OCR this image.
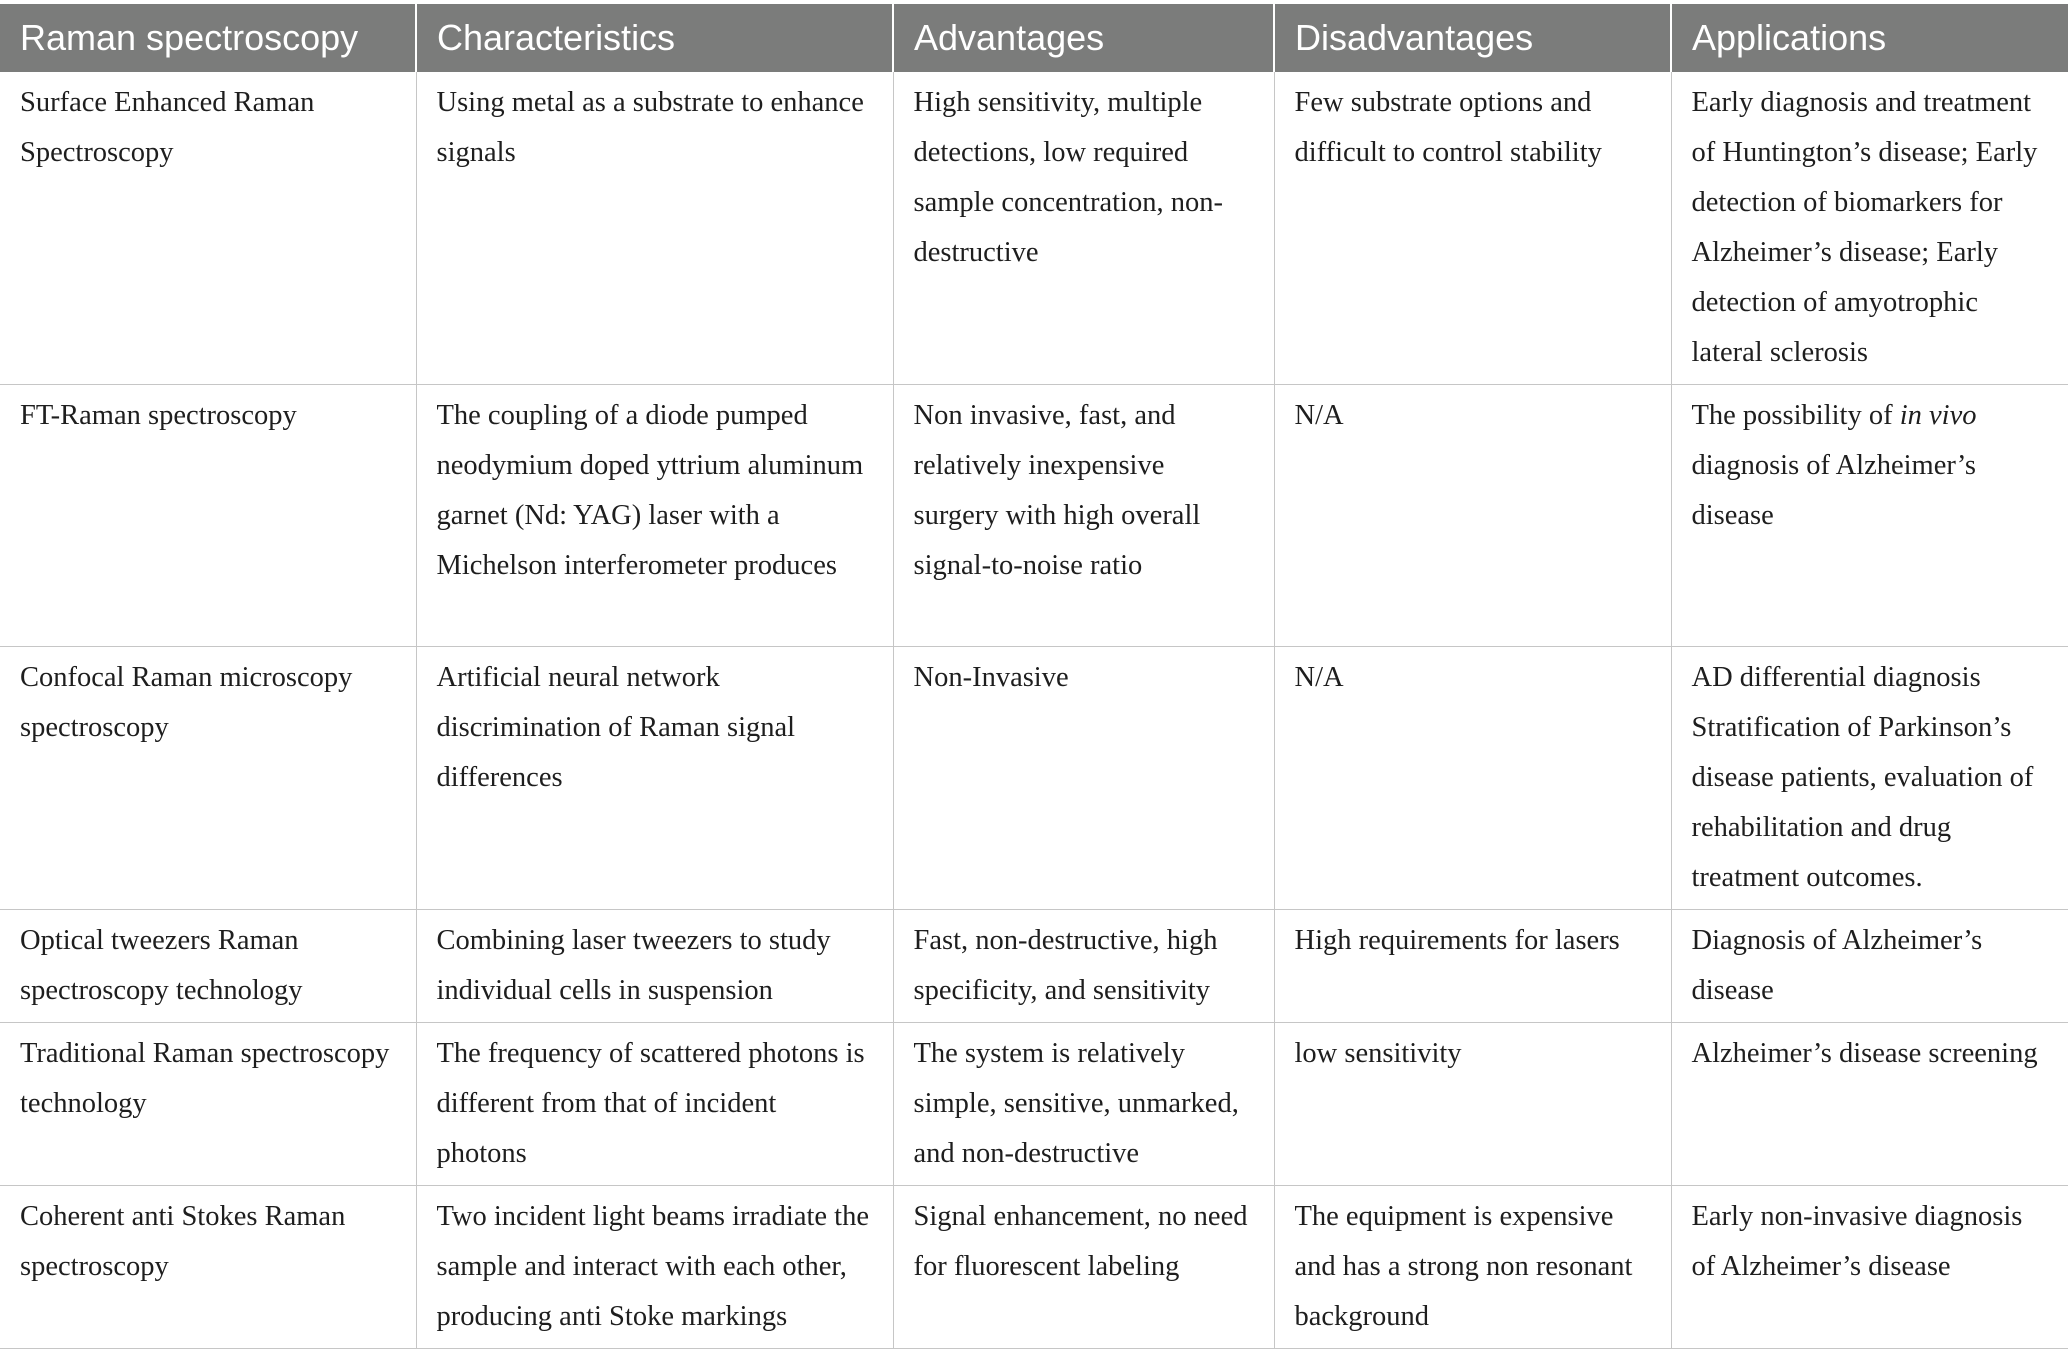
Raman spectroscopy	Characteristics	Advantages	Disadvantages	Applications
Surface Enhanced Raman Spectroscopy	Using metal as a substrate to enhance signals	High sensitivity, multiple detections, low required sample concentration, non-destructive	Few substrate options and difficult to control stability	Early diagnosis and treatment of Huntington’s disease; Early detection of biomarkers for Alzheimer’s disease; Early detection of amyotrophic lateral sclerosis
FT-Raman spectroscopy	The coupling of a diode pumped neodymium doped yttrium aluminum garnet (Nd: YAG) laser with a Michelson interferometer produces	Non invasive, fast, and relatively inexpensive surgery with high overall signal-to-noise ratio	N/A	The possibility of in vivo diagnosis of Alzheimer’s disease
Confocal Raman microscopy spectroscopy	Artificial neural network discrimination of Raman signal differences	Non-Invasive	N/A	AD differential diagnosis Stratification of Parkinson’s disease patients, evaluation of rehabilitation and drug treatment outcomes.
Optical tweezers Raman spectroscopy technology	Combining laser tweezers to study individual cells in suspension	Fast, non-destructive, high specificity, and sensitivity	High requirements for lasers	Diagnosis of Alzheimer’s disease
Traditional Raman spectroscopy technology	The frequency of scattered photons is different from that of incident photons	The system is relatively simple, sensitive, unmarked, and non-destructive	low sensitivity	Alzheimer’s disease screening
Coherent anti Stokes Raman spectroscopy	Two incident light beams irradiate the sample and interact with each other, producing anti Stoke markings	Signal enhancement, no need for fluorescent labeling	The equipment is expensive and has a strong non resonant background	Early non-invasive diagnosis of Alzheimer’s disease
